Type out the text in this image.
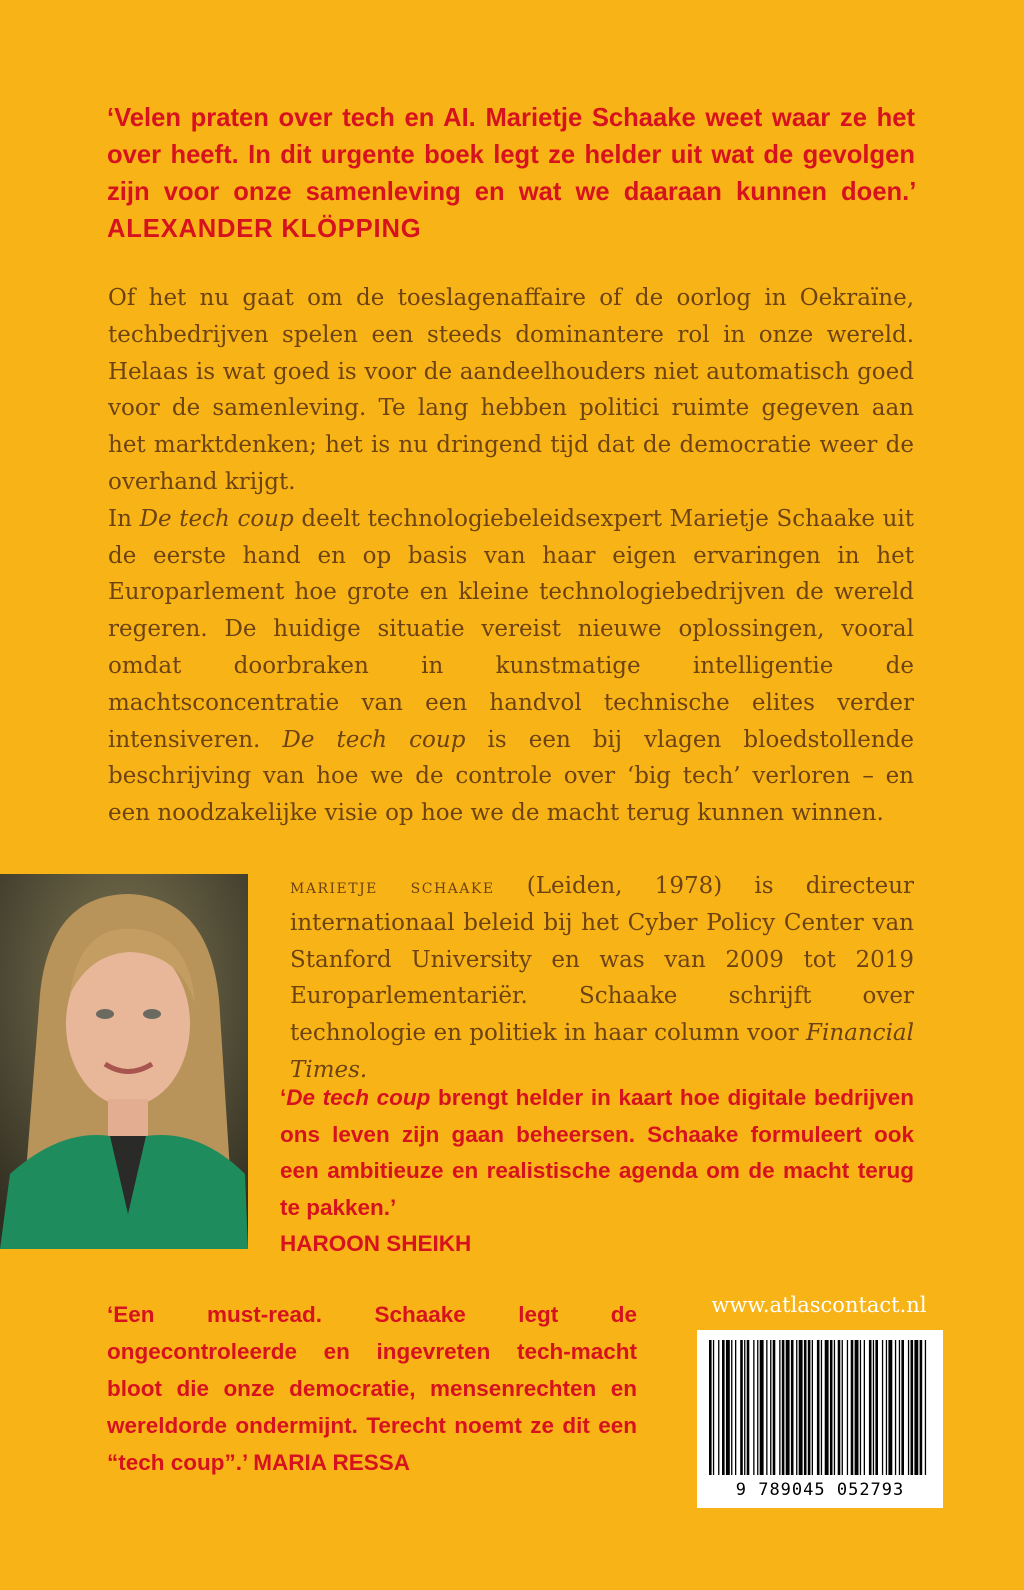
‘Velen praten over tech en AI. Marietje Schaake weet waar ze het over heeft. In dit urgente boek legt ze helder uit wat de gevolgen zijn voor onze samenleving en wat we daaraan kunnen doen.’ ALEXANDER KLÖPPING

Of het nu gaat om de toeslagenaffaire of de oorlog in Oekraïne, techbedrijven spelen een steeds dominantere rol in onze wereld. Helaas is wat goed is voor de aandeelhouders niet automatisch goed voor de samenleving. Te lang hebben politici ruimte gegeven aan het marktdenken; het is nu dringend tijd dat de democratie weer de overhand krijgt.

In De tech coup deelt technologiebeleidsexpert Marietje Schaake uit de eerste hand en op basis van haar eigen ervaringen in het Europarlement hoe grote en kleine technologiebedrijven de wereld regeren. De huidige situatie vereist nieuwe oplossingen, vooral omdat doorbraken in kunstmatige intelligentie de machtsconcentratie van een handvol technische elites verder intensiveren. De tech coup is een bij vlagen bloedstollende beschrijving van hoe we de controle over ‘big tech’ verloren – en een noodzakelijke visie op hoe we de macht terug kunnen winnen.

marietje schaake (Leiden, 1978) is directeur internationaal beleid bij het Cyber Policy Center van Stanford University en was van 2009 tot 2019 Europarlementariër. Schaake schrijft over technologie en politiek in haar column voor Financial Times.

‘De tech coup brengt helder in kaart hoe digitale bedrijven ons leven zijn gaan beheersen. Schaake formuleert ook een ambitieuze en realistische agenda om de macht terug te pakken.’
HAROON SHEIKH
‘Een must-read. Schaake legt de ongecontroleerde en ingevreten tech-macht bloot die onze democratie, mensenrechten en wereldorde ondermijnt. Terecht noemt ze dit een “tech coup”.’ MARIA RESSA
www.atlascontact.nl
9 789045 052793
